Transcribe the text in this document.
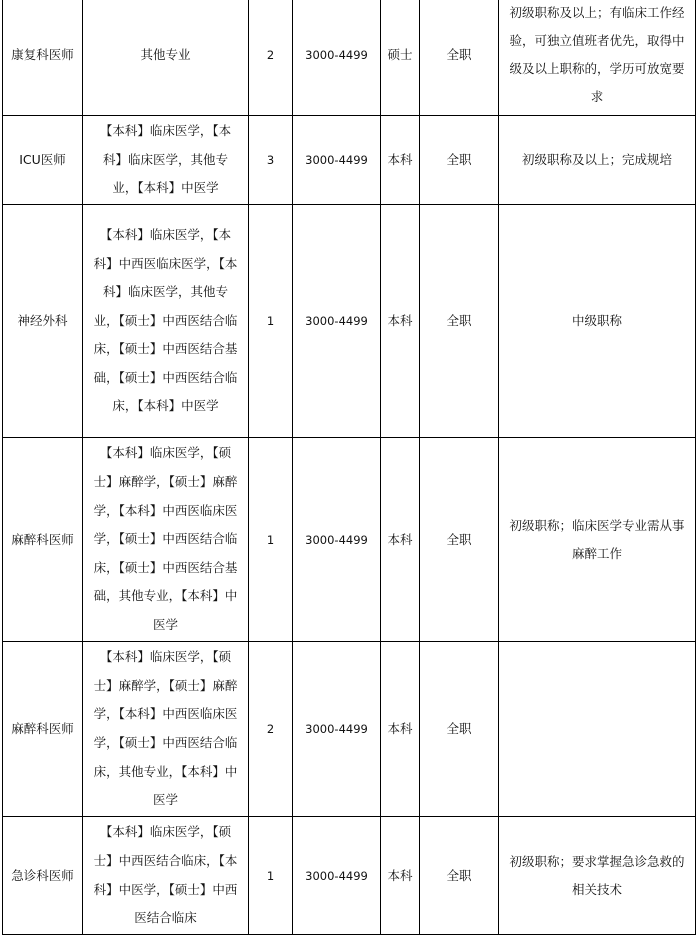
康复科医师	其他专业	2	3000-4499	硕士	全职	初级职称及以上；有临床工作经验，可独立值班者优先，取得中级及以上职称的，学历可放宽要求
ICU医师	【本科】临床医学，【本科】临床医学，其他专业，【本科】中医学	3	3000-4499	本科	全职	初级职称及以上；完成规培
神经外科	【本科】临床医学，【本科】中西医临床医学，【本科】临床医学，其他专业，【硕士】中西医结合临床，【硕士】中西医结合基础，【硕士】中西医结合临床，【本科】中医学	1	3000-4499	本科	全职	中级职称
麻醉科医师	【本科】临床医学，【硕士】麻醉学，【硕士】麻醉学，【本科】中西医临床医学，【硕士】中西医结合临床，【硕士】中西医结合基础，其他专业，【本科】中医学	1	3000-4499	本科	全职	初级职称；临床医学专业需从事麻醉工作
麻醉科医师	【本科】临床医学，【硕士】麻醉学，【硕士】麻醉学，【本科】中西医临床医学，【硕士】中西医结合临床，其他专业，【本科】中医学	2	3000-4499	本科	全职	
急诊科医师	【本科】临床医学，【硕士】中西医结合临床，【本科】中医学，【硕士】中西医结合临床	1	3000-4499	本科	全职	初级职称；要求掌握急诊急救的相关技术
